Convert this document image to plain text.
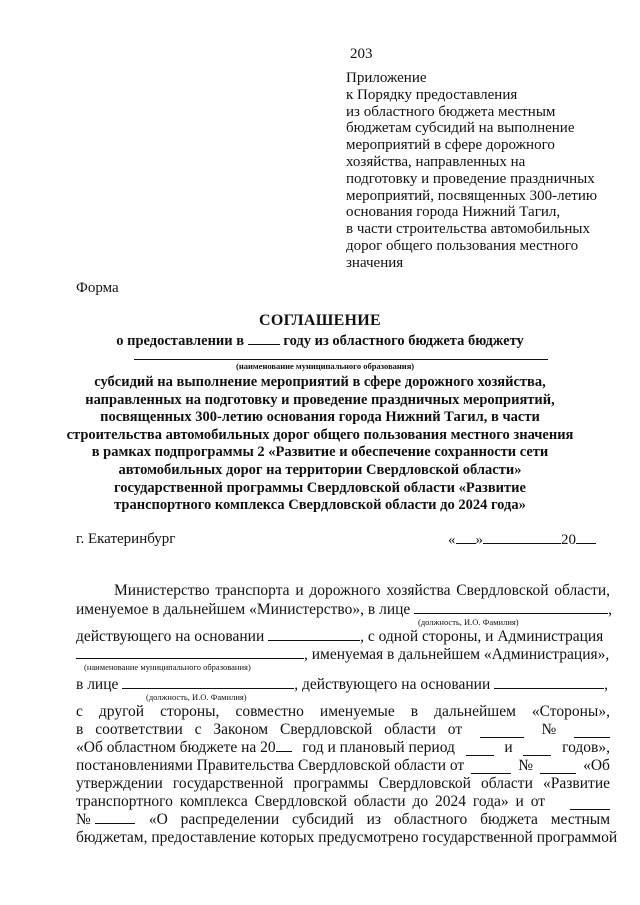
203
Приложение
к Порядку предоставления
из областного бюджета местным
бюджетам субсидий на выполнение
мероприятий в сфере дорожного
хозяйства, направленных на
подготовку и проведение праздничных
мероприятий, посвященных 300-летию
основания города Нижний Тагил,
в части строительства автомобильных
дорог общего пользования местного
значения
Форма
СОГЛАШЕНИЕ
о предоставлении в	году из областного бюджета бюджету
(наименование муниципального образования)
субсидий на выполнение мероприятий в сфере дорожного хозяйства,
направленных на подготовку и проведение праздничных мероприятий,
посвященных 300-летию основания города Нижний Тагил, в части
строительства автомобильных дорог общего пользования местного значения
в рамках подпрограммы 2 «Развитие и обеспечение сохранности сети
автомобильных дорог на территории Свердловской области»
государственной программы Свердловской области «Развитие
транспортного комплекса Свердловской области до 2024 года»
г. Екатеринбург	« »	20
Министерство транспорта и дорожного хозяйства Свердловской области,
именуемое в дальнейшем «Министерство», в лице	,
(должность, И.О. Фамилия)
действующего на основании	, с одной стороны, и Администрация
, именуемая в дальнейшем «Администрация»,
(наименование муниципального образования)
в лице	, действующего на основании	,
(должность, И.О. Фамилия)
с другой стороны, совместно именуемые в дальнейшем «Стороны»,
в соответствии с Законом Свердловской области от	№
«Об областном бюджете на 20	год и плановый период	и	годов»,
постановлениями Правительства Свердловской области от	№	«Об
утверждении государственной программы Свердловской области «Развитие
транспортного комплекса Свердловской области до 2024 года» и от
№	«О распределении субсидий из областного бюджета местным
бюджетам, предоставление которых предусмотрено государственной программой
